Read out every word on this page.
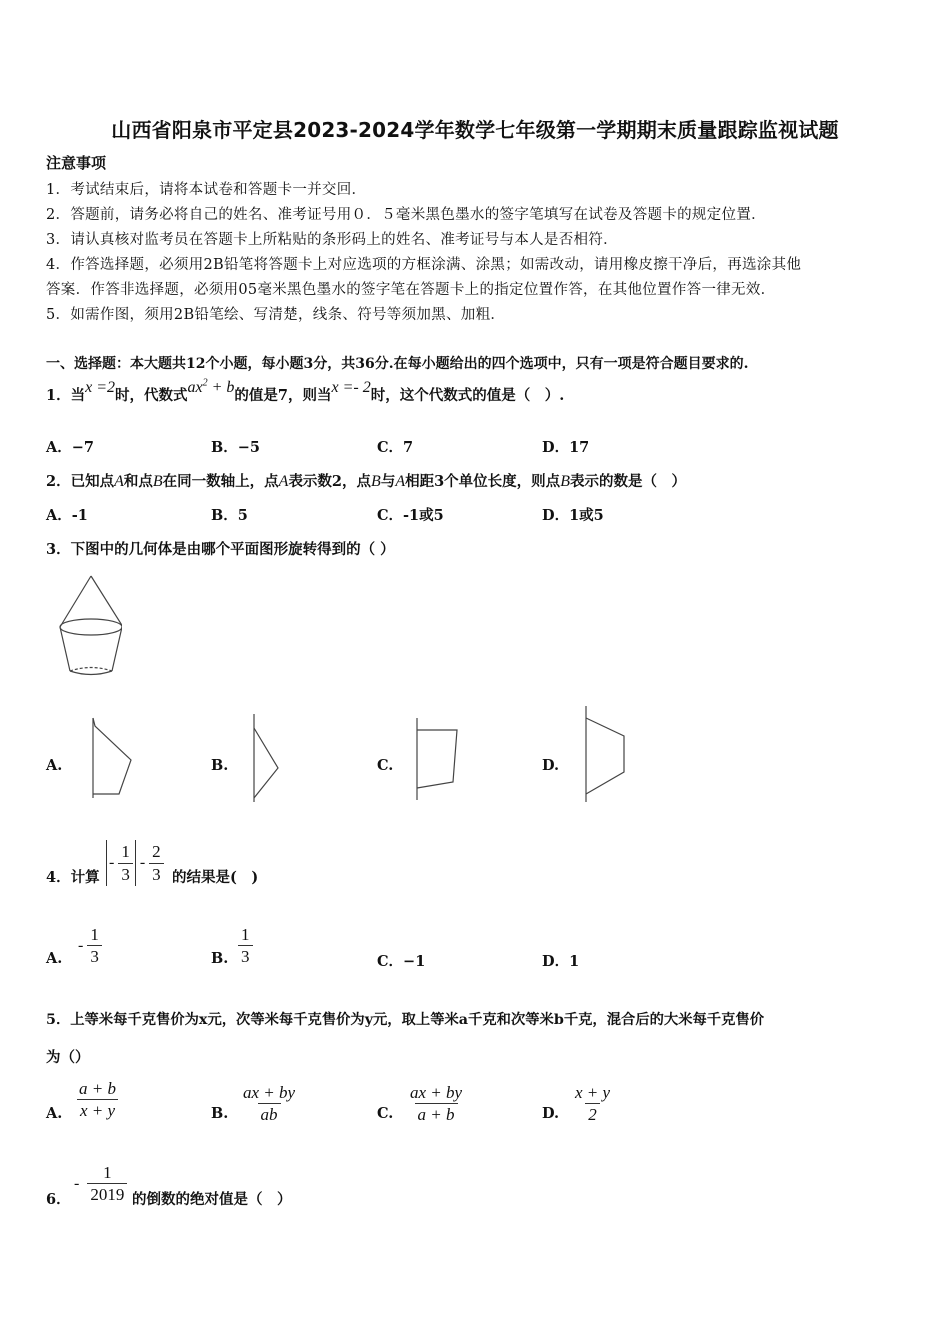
山西省阳泉市平定县2023-2024学年数学七年级第一学期期末质量跟踪监视试题
注意事项
1．考试结束后，请将本试卷和答题卡一并交回．
2．答题前，请务必将自己的姓名、准考证号用０．５毫米黑色墨水的签字笔填写在试卷及答题卡的规定位置．
3．请认真核对监考员在答题卡上所粘贴的条形码上的姓名、准考证号与本人是否相符．
4．作答选择题，必须用2B铅笔将答题卡上对应选项的方框涂满、涂黑；如需改动，请用橡皮擦干净后，再选涂其他
答案．作答非选择题，必须用05毫米黑色墨水的签字笔在答题卡上的指定位置作答，在其他位置作答一律无效．
5．如需作图，须用2B铅笔绘、写清楚，线条、符号等须加黑、加粗．
一、选择题：本大题共12个小题，每小题3分，共36分.在每小题给出的四个选项中，只有一项是符合题目要求的.
1．当x =2时，代数式$ax^2 + b$的值是7，则当x =- 2时，这个代数式的值是（　）.
A．−7	B．−5	C．7	D．17
2．已知点A和点B在同一数轴上，点A表示数2，点B与A相距3个单位长度，则点B表示的数是（　）
A．-1	B．5	C．-1或5	D．1或5
3．下图中的几何体是由哪个平面图形旋转得到的（ ）
A.	B.	C.	D.
4．计算
- $\frac{1}{3} - \frac{2}{3}$ 的结果是(　)
A.
- $\frac{1}{3}$	B. $\frac{1}{3}$	C．−1	D．1
5．上等米每千克售价为x元，次等米每千克售价为y元，取上等米a千克和次等米b千克，混合后的大米每千克售价
为（）
A. $\frac{a + b}{x + y}$	B. $\frac{ax + by}{ab}$	C. $\frac{ax + by}{a + b}$	D. $\frac{x + y}{2}$
6．
- $\frac{1}{2019}$ 的倒数的绝对值是（　）
